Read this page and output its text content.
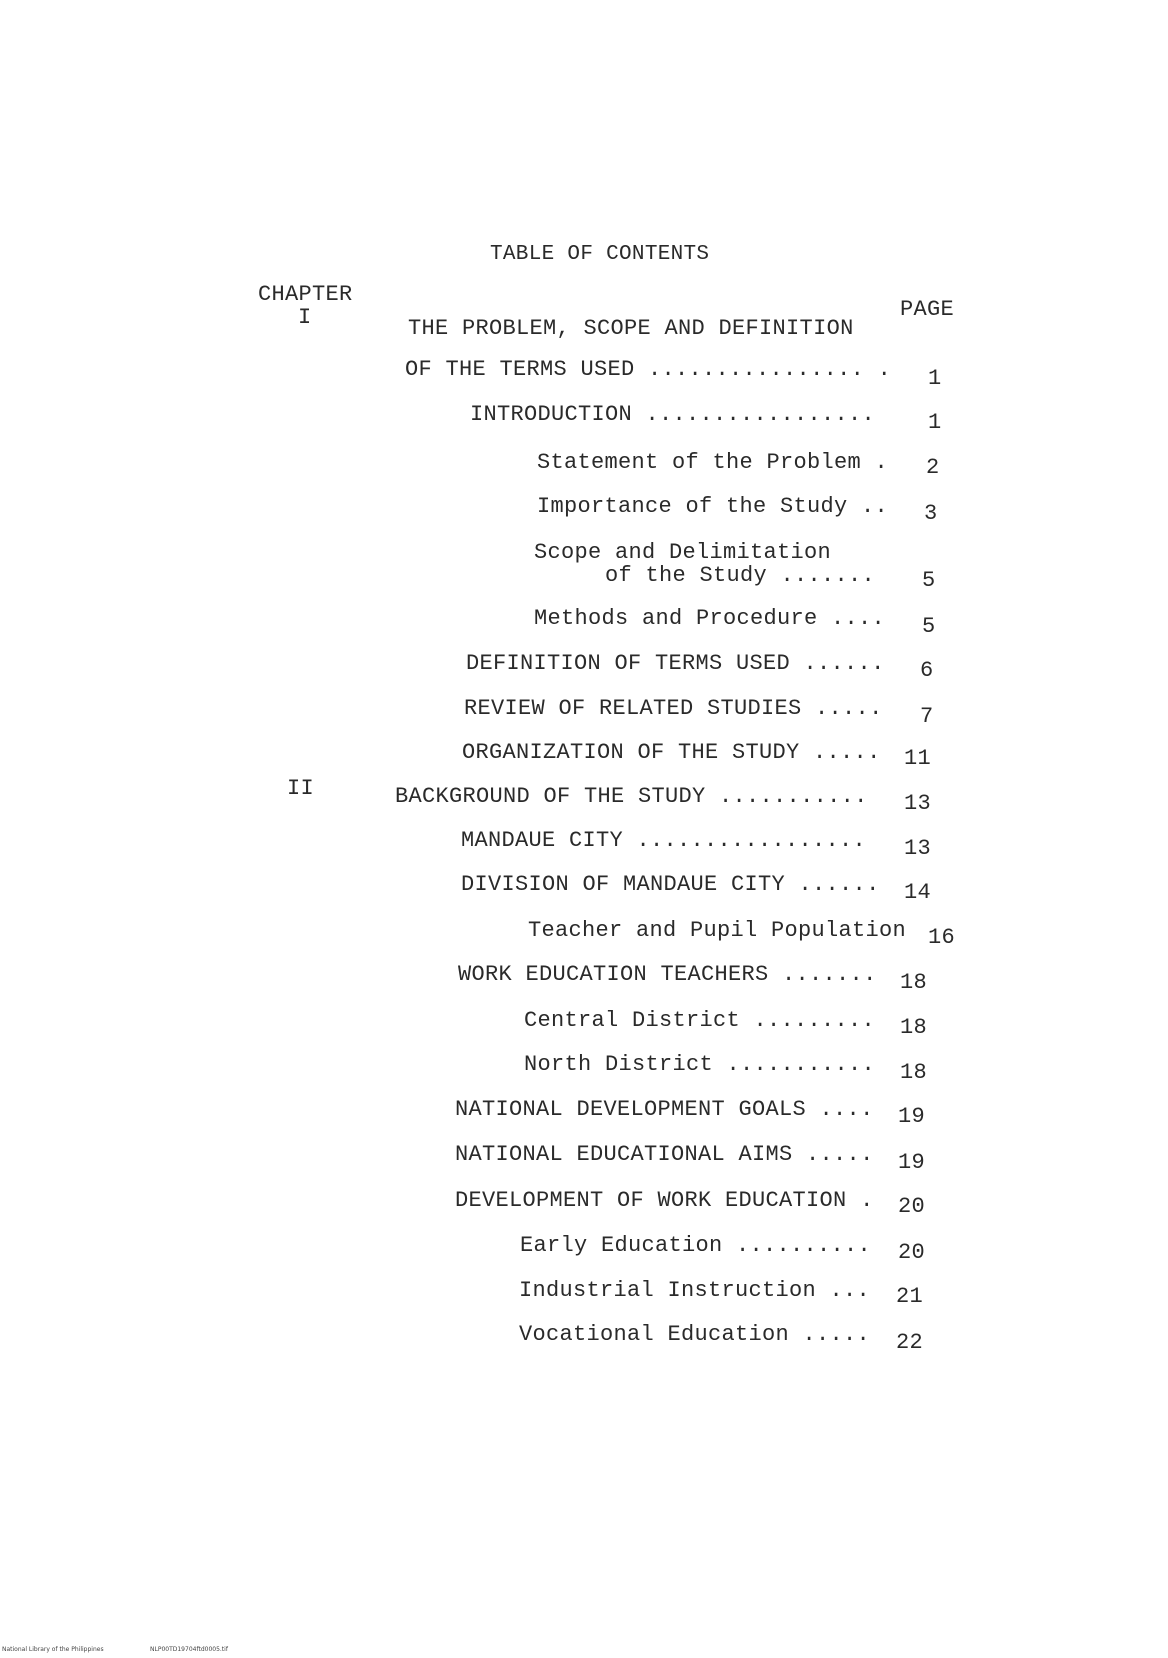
TABLE OF CONTENTS
CHAPTER
PAGE
I
II
THE PROBLEM, SCOPE AND DEFINITION
OF THE TERMS USED ................ . 1
INTRODUCTION ................. 1
Statement of the Problem . 2
Importance of the Study .. 3
Scope and Delimitation
of the Study ....... 5
Methods and Procedure .... 5
DEFINITION OF TERMS USED ...... 6
REVIEW OF RELATED STUDIES ..... 7
ORGANIZATION OF THE STUDY ..... 11
BACKGROUND OF THE STUDY ........... 13
MANDAUE CITY ................. 13
DIVISION OF MANDAUE CITY ...... 14
Teacher and Pupil Population 16
WORK EDUCATION TEACHERS ....... 18
Central District ......... 18
North District ........... 18
NATIONAL DEVELOPMENT GOALS .... 19
NATIONAL EDUCATIONAL AIMS ..... 19
DEVELOPMENT OF WORK EDUCATION . 20
Early Education .......... 20
Industrial Instruction ... 21
Vocational Education ..... 22
National Library of the Philippines	NLP00TD19704ftd0005.tif
